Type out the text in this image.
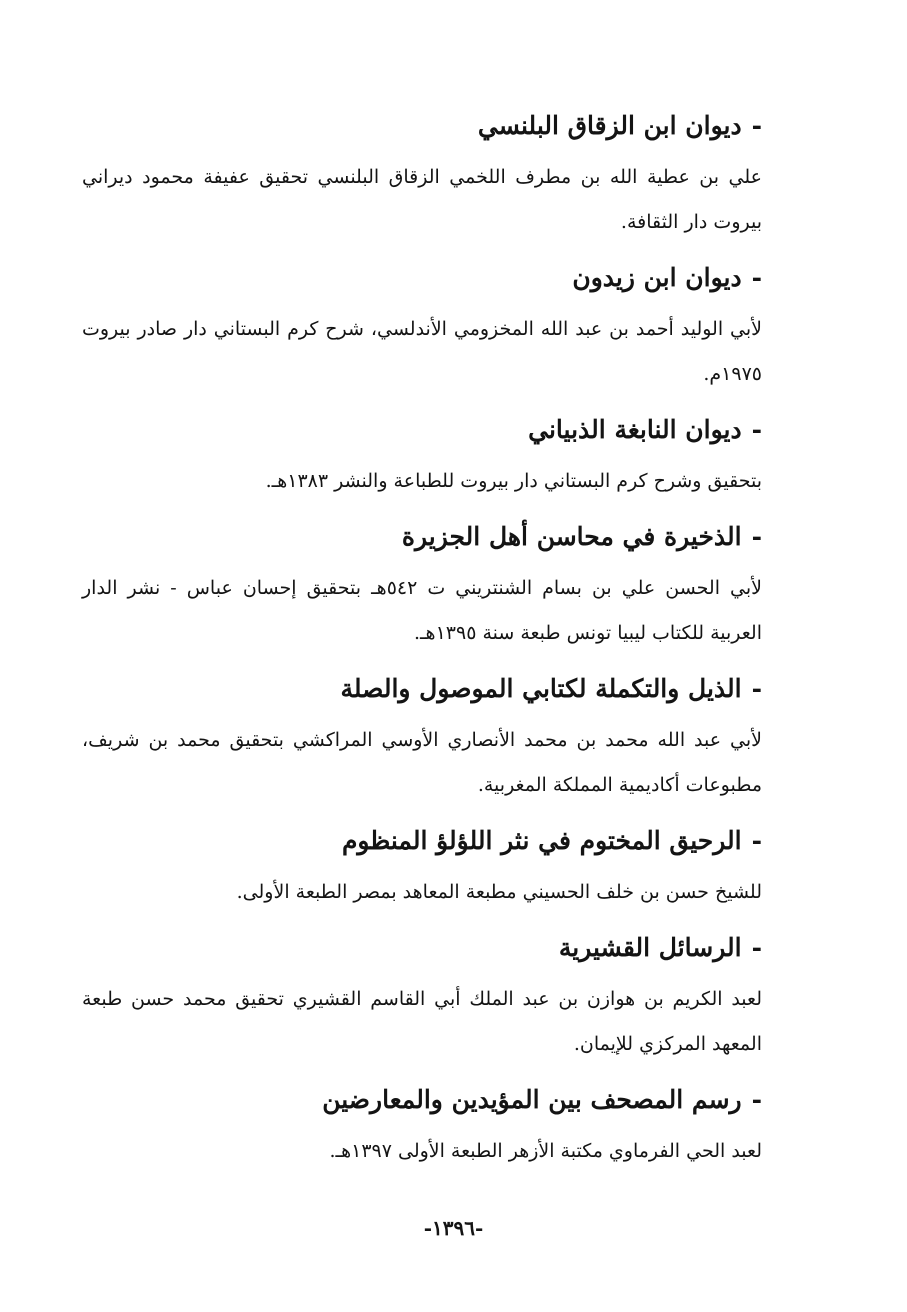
-ديوان ابن الزقاق البلنسي

علي بن عطية الله بن مطرف اللخمي الزقاق البلنسي تحقيق عفيفة محمود ديراني بيروت دار الثقافة.

-ديوان ابن زيدون

لأبي الوليد أحمد بن عبد الله المخزومي الأندلسي، شرح كرم البستاني دار صادر بيروت ١٩٧٥م.

-ديوان النابغة الذبياني

بتحقيق وشرح كرم البستاني دار بيروت للطباعة والنشر ١٣٨٣هـ.

-الذخيرة في محاسن أهل الجزيرة

لأبي الحسن علي بن بسام الشنتريني ت ٥٤٢هـ بتحقيق إحسان عباس - نشر الدار العربية للكتاب ليبيا تونس طبعة سنة ١٣٩٥هـ.

-الذيل والتكملة لكتابي الموصول والصلة

لأبي عبد الله محمد بن محمد الأنصاري الأوسي المراكشي بتحقيق محمد بن شريف، مطبوعات أكاديمية المملكة المغربية.

-الرحيق المختوم في نثر اللؤلؤ المنظوم

للشيخ حسن بن خلف الحسيني مطبعة المعاهد بمصر الطبعة الأولى.

-الرسائل القشيرية

لعبد الكريم بن هوازن بن عبد الملك أبي القاسم القشيري تحقيق محمد حسن طبعة المعهد المركزي للإيمان.

-رسم المصحف بين المؤيدين والمعارضين

لعبد الحي الفرماوي مكتبة الأزهر الطبعة الأولى ١٣٩٧هـ.

-١٣٩٦-
